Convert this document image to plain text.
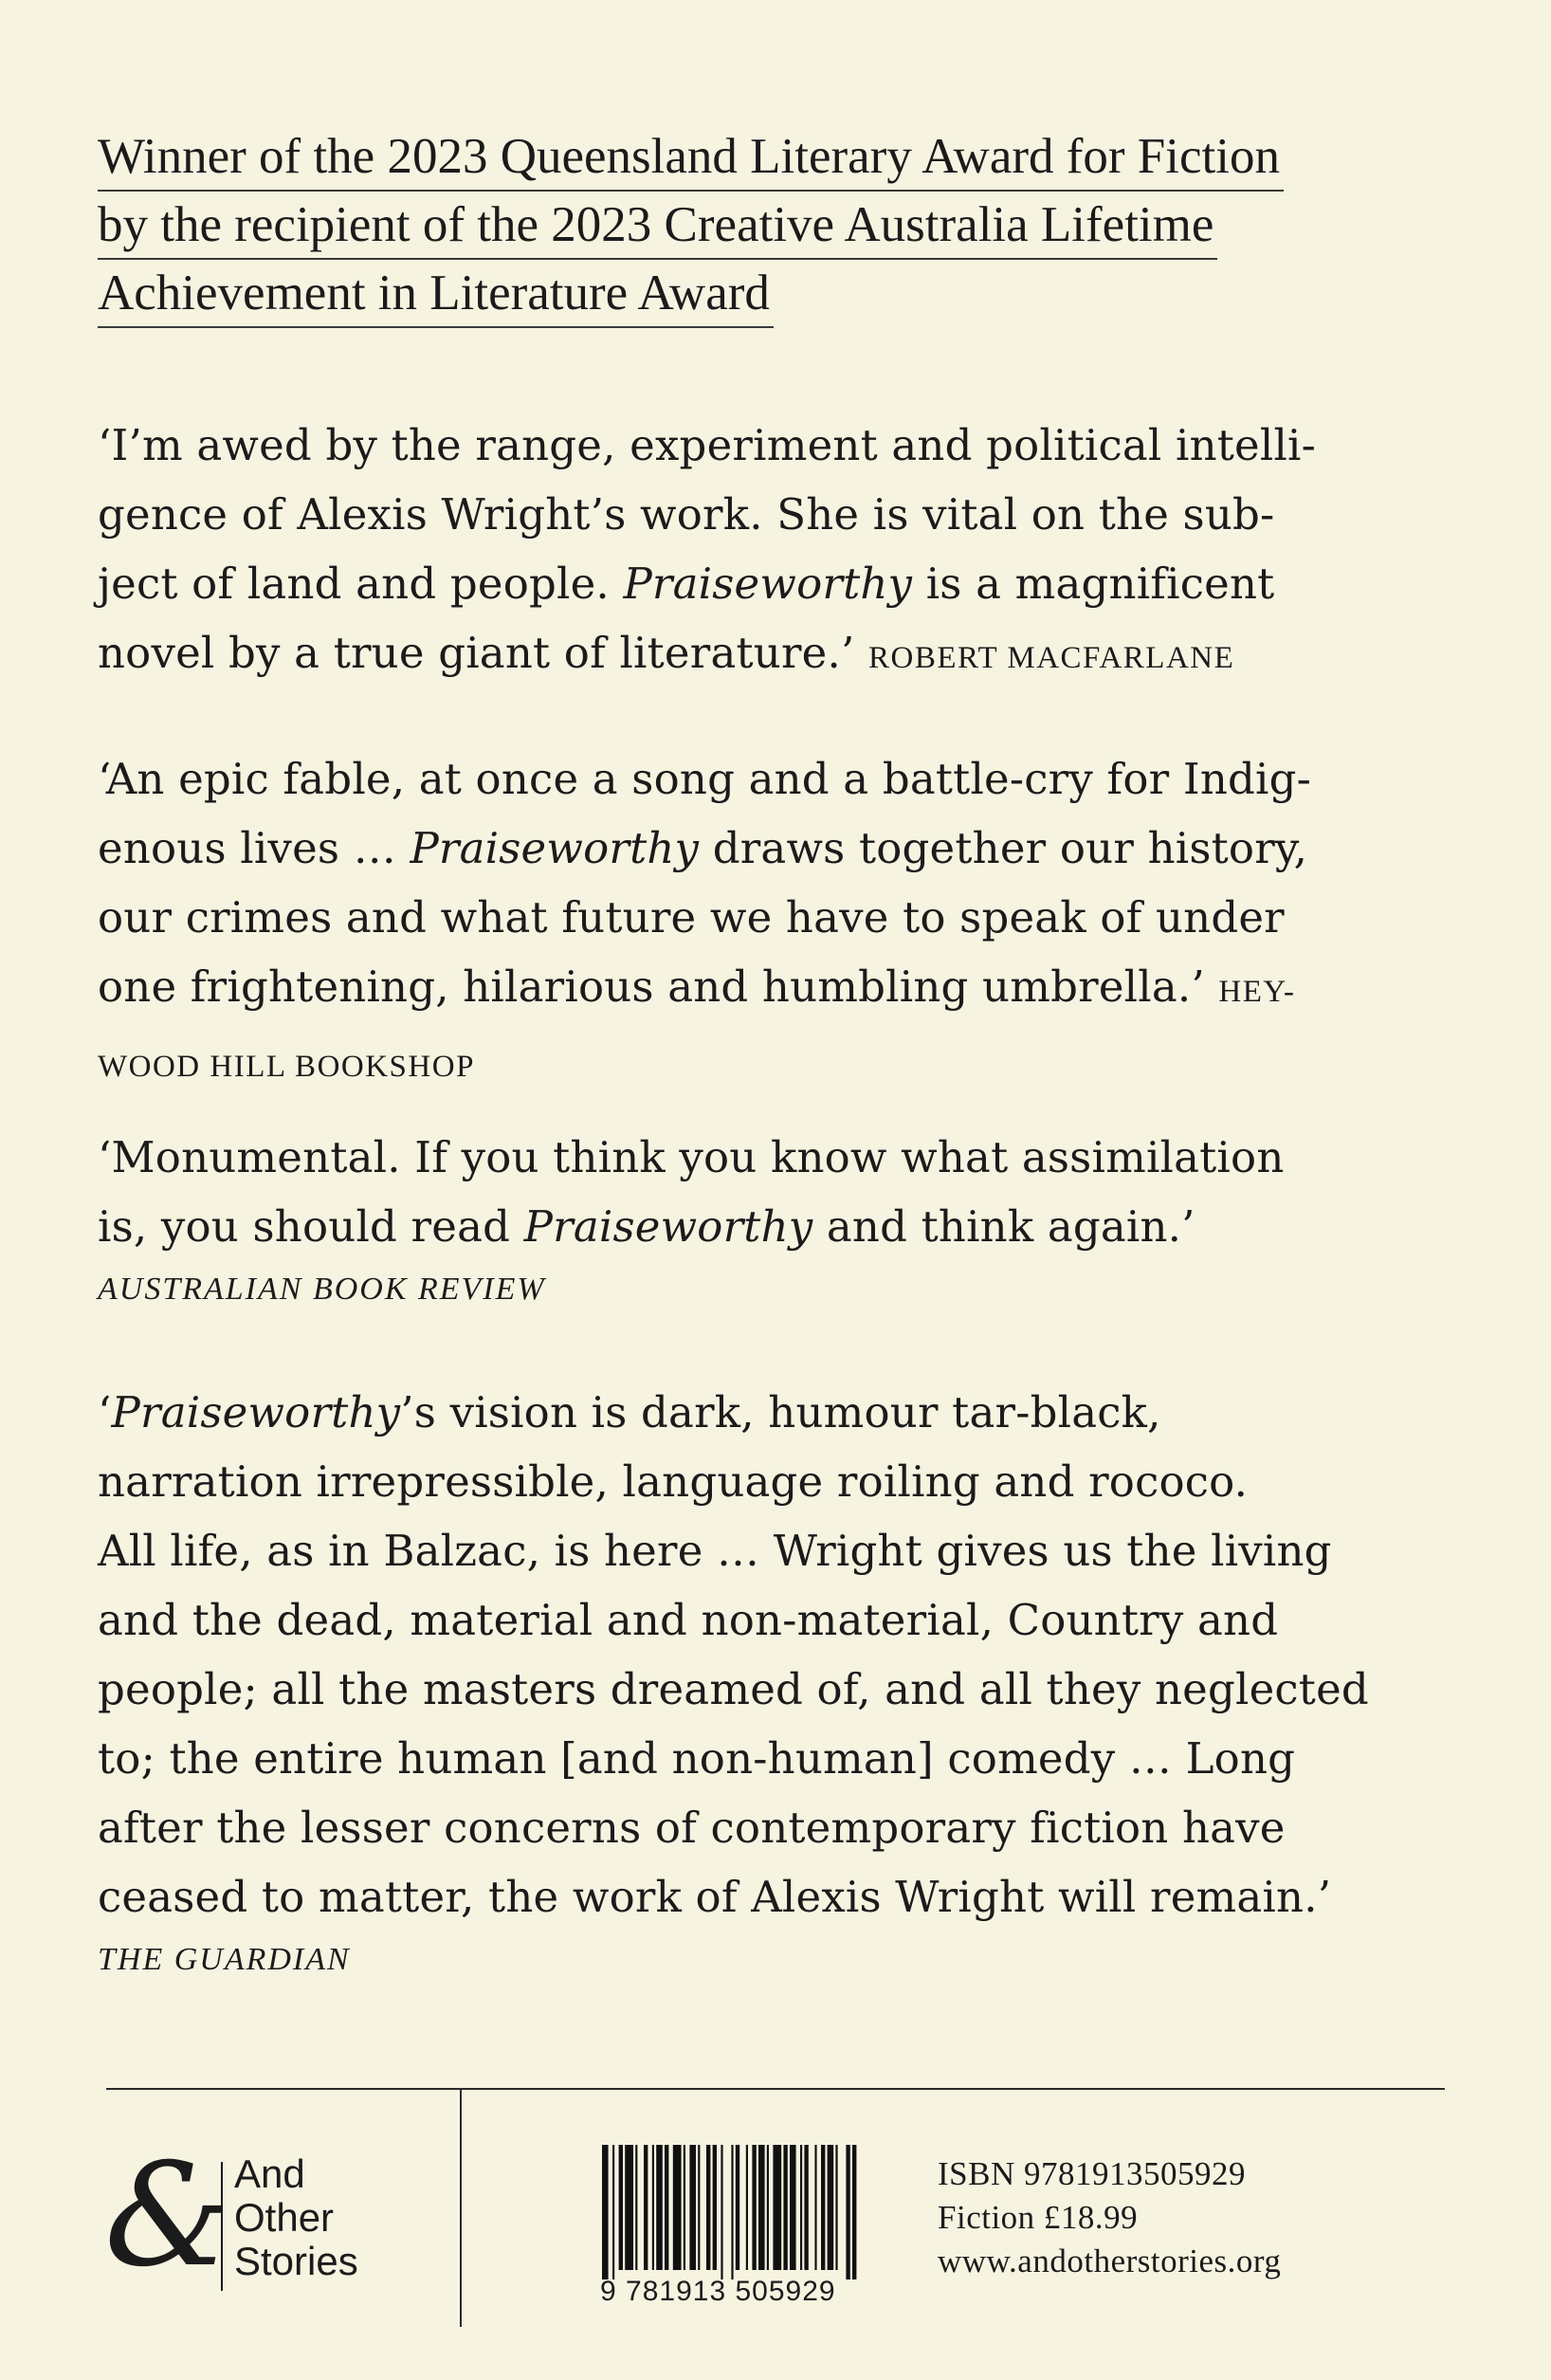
Winner of the 2023 Queensland Literary Award for Fiction
by the recipient of the 2023 Creative Australia Lifetime
Achievement in Literature Award
‘I’m awed by the range, experiment and political intelli-
gence of Alexis Wright’s work. She is vital on the sub-
ject of land and people. Praiseworthy is a magnificent
novel by a true giant of literature.’ ROBERT MACFARLANE
‘An epic fable, at once a song and a battle-cry for Indig-
enous lives … Praiseworthy draws together our history,
our crimes and what future we have to speak of under
one frightening, hilarious and humbling umbrella.’ HEY-
WOOD HILL BOOKSHOP
‘Monumental. If you think you know what assimilation
is, you should read Praiseworthy and think again.’
AUSTRALIAN BOOK REVIEW
‘Praiseworthy’s vision is dark, humour tar-black,
narration irrepressible, language roiling and rococo.
All life, as in Balzac, is here … Wright gives us the living
and the dead, material and non-material, Country and
people; all the masters dreamed of, and all they neglected
to; the entire human [and non-human] comedy … Long
after the lesser concerns of contemporary fiction have
ceased to matter, the work of Alexis Wright will remain.’
THE GUARDIAN
& And
Other
Stories
9 781913 505929
ISBN 9781913505929
Fiction £18.99
www.andotherstories.org
